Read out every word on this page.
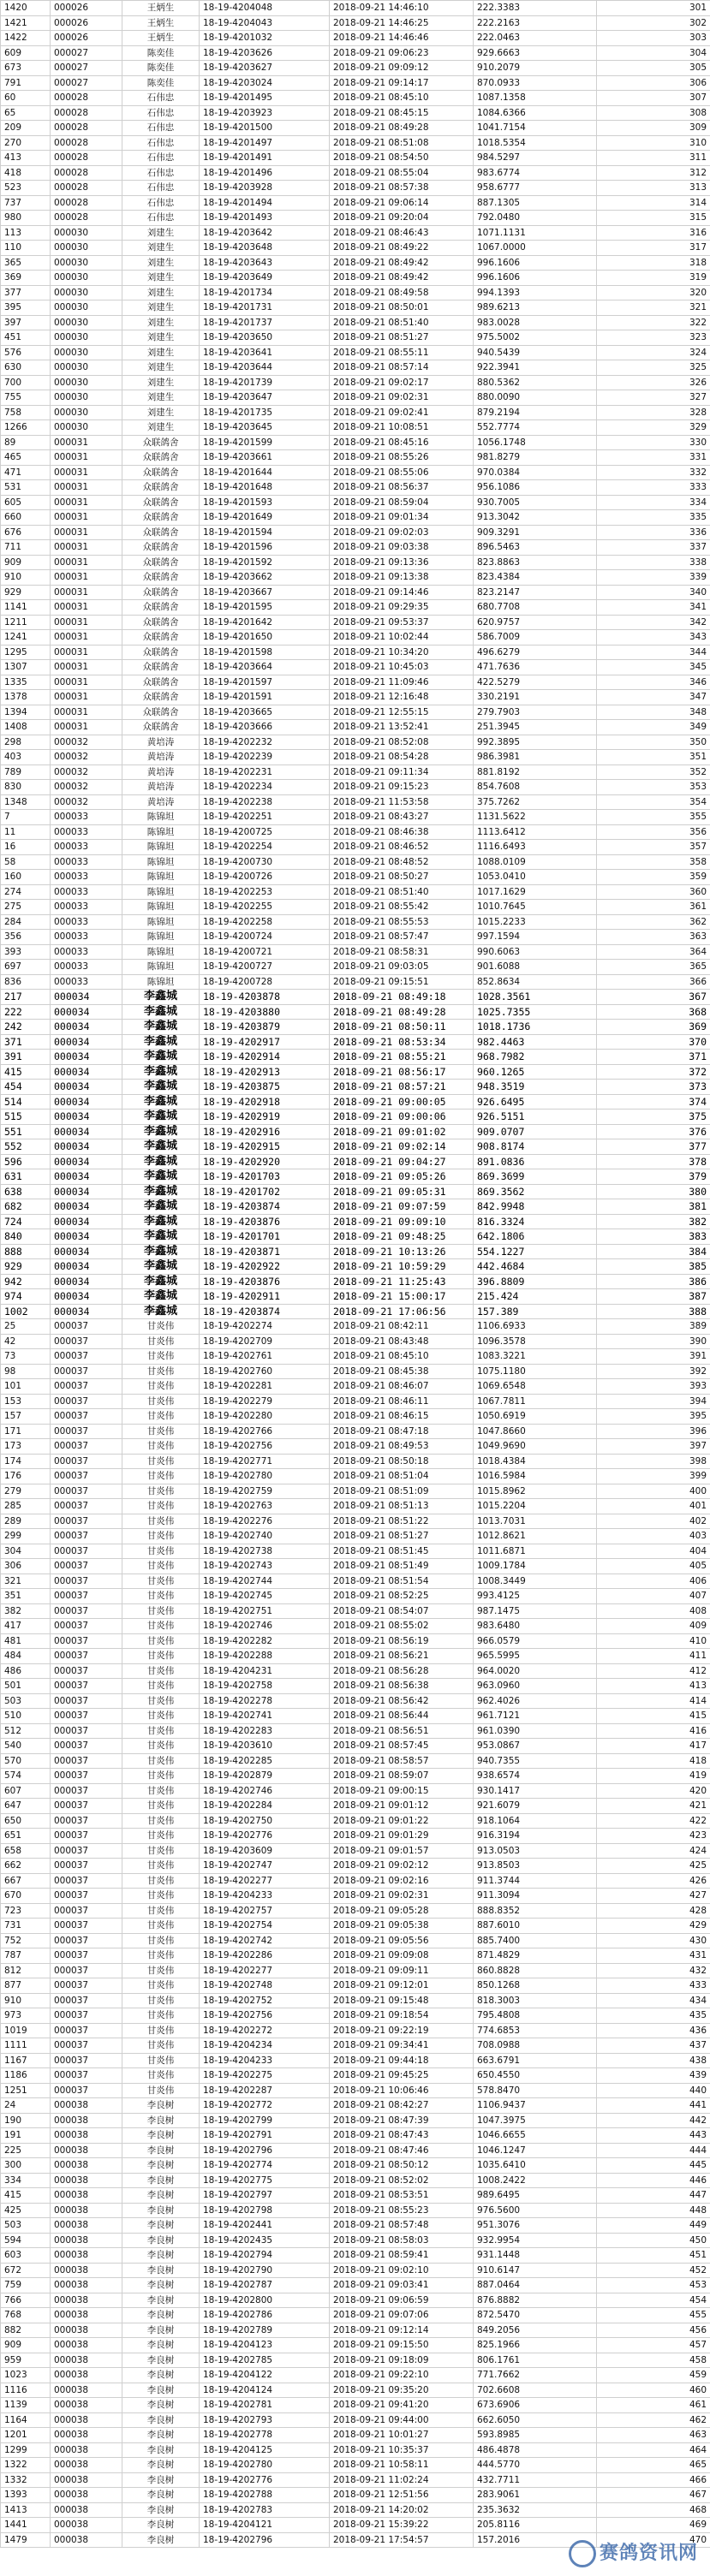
1420	000026	王炳生	18-19-4204048	2018-09-21 14:46:10	222.3383	301
1421	000026	王炳生	18-19-4204043	2018-09-21 14:46:25	222.2163	302
1422	000026	王炳生	18-19-4201032	2018-09-21 14:46:46	222.0463	303
609	000027	陈奕佳	18-19-4203626	2018-09-21 09:06:23	929.6663	304
673	000027	陈奕佳	18-19-4203627	2018-09-21 09:09:12	910.2079	305
791	000027	陈奕佳	18-19-4203024	2018-09-21 09:14:17	870.0933	306
60	000028	石伟忠	18-19-4201495	2018-09-21 08:45:10	1087.1358	307
65	000028	石伟忠	18-19-4203923	2018-09-21 08:45:15	1084.6366	308
209	000028	石伟忠	18-19-4201500	2018-09-21 08:49:28	1041.7154	309
270	000028	石伟忠	18-19-4201497	2018-09-21 08:51:08	1018.5354	310
413	000028	石伟忠	18-19-4201491	2018-09-21 08:54:50	984.5297	311
418	000028	石伟忠	18-19-4201496	2018-09-21 08:55:04	983.6774	312
523	000028	石伟忠	18-19-4203928	2018-09-21 08:57:38	958.6777	313
737	000028	石伟忠	18-19-4201494	2018-09-21 09:06:14	887.1305	314
980	000028	石伟忠	18-19-4201493	2018-09-21 09:20:04	792.0480	315
113	000030	刘建生	18-19-4203642	2018-09-21 08:46:43	1071.1131	316
110	000030	刘建生	18-19-4203648	2018-09-21 08:49:22	1067.0000	317
365	000030	刘建生	18-19-4203643	2018-09-21 08:49:42	996.1606	318
369	000030	刘建生	18-19-4203649	2018-09-21 08:49:42	996.1606	319
377	000030	刘建生	18-19-4201734	2018-09-21 08:49:58	994.1393	320
395	000030	刘建生	18-19-4201731	2018-09-21 08:50:01	989.6213	321
397	000030	刘建生	18-19-4201737	2018-09-21 08:51:40	983.0028	322
451	000030	刘建生	18-19-4203650	2018-09-21 08:51:27	975.5002	323
576	000030	刘建生	18-19-4203641	2018-09-21 08:55:11	940.5439	324
630	000030	刘建生	18-19-4203644	2018-09-21 08:57:14	922.3941	325
700	000030	刘建生	18-19-4201739	2018-09-21 09:02:17	880.5362	326
755	000030	刘建生	18-19-4203647	2018-09-21 09:02:31	880.0090	327
758	000030	刘建生	18-19-4201735	2018-09-21 09:02:41	879.2194	328
1266	000030	刘建生	18-19-4203645	2018-09-21 10:08:51	552.7774	329
89	000031	众联鸽舍	18-19-4201599	2018-09-21 08:45:16	1056.1748	330
465	000031	众联鸽舍	18-19-4203661	2018-09-21 08:55:26	981.8279	331
471	000031	众联鸽舍	18-19-4201644	2018-09-21 08:55:06	970.0384	332
531	000031	众联鸽舍	18-19-4201648	2018-09-21 08:56:37	956.1086	333
605	000031	众联鸽舍	18-19-4201593	2018-09-21 08:59:04	930.7005	334
660	000031	众联鸽舍	18-19-4201649	2018-09-21 09:01:34	913.3042	335
676	000031	众联鸽舍	18-19-4201594	2018-09-21 09:02:03	909.3291	336
711	000031	众联鸽舍	18-19-4201596	2018-09-21 09:03:38	896.5463	337
909	000031	众联鸽舍	18-19-4201592	2018-09-21 09:13:36	823.8863	338
910	000031	众联鸽舍	18-19-4203662	2018-09-21 09:13:38	823.4384	339
929	000031	众联鸽舍	18-19-4203667	2018-09-21 09:14:46	823.2147	340
1141	000031	众联鸽舍	18-19-4201595	2018-09-21 09:29:35	680.7708	341
1211	000031	众联鸽舍	18-19-4201642	2018-09-21 09:53:37	620.9757	342
1241	000031	众联鸽舍	18-19-4201650	2018-09-21 10:02:44	586.7009	343
1295	000031	众联鸽舍	18-19-4201598	2018-09-21 10:34:20	496.6279	344
1307	000031	众联鸽舍	18-19-4203664	2018-09-21 10:45:03	471.7636	345
1335	000031	众联鸽舍	18-19-4201597	2018-09-21 11:09:46	422.5279	346
1378	000031	众联鸽舍	18-19-4201591	2018-09-21 12:16:48	330.2191	347
1394	000031	众联鸽舍	18-19-4203665	2018-09-21 12:55:15	279.7903	348
1408	000031	众联鸽舍	18-19-4203666	2018-09-21 13:52:41	251.3945	349
298	000032	黄培涛	18-19-4202232	2018-09-21 08:52:08	992.3895	350
403	000032	黄培涛	18-19-4202239	2018-09-21 08:54:28	986.3981	351
789	000032	黄培涛	18-19-4202231	2018-09-21 09:11:34	881.8192	352
830	000032	黄培涛	18-19-4202234	2018-09-21 09:15:23	854.7608	353
1348	000032	黄培涛	18-19-4202238	2018-09-21 11:53:58	375.7262	354
7	000033	陈锦坦	18-19-4202251	2018-09-21 08:43:27	1131.5622	355
11	000033	陈锦坦	18-19-4200725	2018-09-21 08:46:38	1113.6412	356
16	000033	陈锦坦	18-19-4202254	2018-09-21 08:46:52	1116.6493	357
58	000033	陈锦坦	18-19-4200730	2018-09-21 08:48:52	1088.0109	358
160	000033	陈锦坦	18-19-4200726	2018-09-21 08:50:27	1053.0410	359
274	000033	陈锦坦	18-19-4202253	2018-09-21 08:51:40	1017.1629	360
275	000033	陈锦坦	18-19-4202255	2018-09-21 08:55:42	1010.7645	361
284	000033	陈锦坦	18-19-4202258	2018-09-21 08:55:53	1015.2233	362
356	000033	陈锦坦	18-19-4200724	2018-09-21 08:57:47	997.1594	363
393	000033	陈锦坦	18-19-4200721	2018-09-21 08:58:31	990.6063	364
697	000033	陈锦坦	18-19-4200727	2018-09-21 09:03:05	901.6088	365
836	000033	陈锦坦	18-19-4200728	2018-09-21 09:15:51	852.8634	366
217	000034	李鑫城	18-19-4203878	2018-09-21 08:49:18	1028.3561	367
222	000034	李鑫城	18-19-4203880	2018-09-21 08:49:28	1025.7355	368
242	000034	李鑫城	18-19-4203879	2018-09-21 08:50:11	1018.1736	369
371	000034	李鑫城	18-19-4202917	2018-09-21 08:53:34	982.4463	370
391	000034	李鑫城	18-19-4202914	2018-09-21 08:55:21	968.7982	371
415	000034	李鑫城	18-19-4202913	2018-09-21 08:56:17	960.1265	372
454	000034	李鑫城	18-19-4203875	2018-09-21 08:57:21	948.3519	373
514	000034	李鑫城	18-19-4202918	2018-09-21 09:00:05	926.6495	374
515	000034	李鑫城	18-19-4202919	2018-09-21 09:00:06	926.5151	375
551	000034	李鑫城	18-19-4202916	2018-09-21 09:01:02	909.0707	376
552	000034	李鑫城	18-19-4202915	2018-09-21 09:02:14	908.8174	377
596	000034	李鑫城	18-19-4202920	2018-09-21 09:04:27	891.0836	378
631	000034	李鑫城	18-19-4201703	2018-09-21 09:05:26	869.3699	379
638	000034	李鑫城	18-19-4201702	2018-09-21 09:05:31	869.3562	380
682	000034	李鑫城	18-19-4203874	2018-09-21 09:07:59	842.9948	381
724	000034	李鑫城	18-19-4203876	2018-09-21 09:09:10	816.3324	382
840	000034	李鑫城	18-19-4201701	2018-09-21 09:48:25	642.1806	383
888	000034	李鑫城	18-19-4203871	2018-09-21 10:13:26	554.1227	384
929	000034	李鑫城	18-19-4202922	2018-09-21 10:59:29	442.4684	385
942	000034	李鑫城	18-19-4203876	2018-09-21 11:25:43	396.8809	386
974	000034	李鑫城	18-19-4202911	2018-09-21 15:00:17	215.424	387
1002	000034	李鑫城	18-19-4203874	2018-09-21 17:06:56	157.389	388
25	000037	甘炎伟	18-19-4202274	2018-09-21 08:42:11	1106.6933	389
42	000037	甘炎伟	18-19-4202709	2018-09-21 08:43:48	1096.3578	390
73	000037	甘炎伟	18-19-4202761	2018-09-21 08:45:10	1083.3221	391
98	000037	甘炎伟	18-19-4202760	2018-09-21 08:45:38	1075.1180	392
101	000037	甘炎伟	18-19-4202281	2018-09-21 08:46:07	1069.6548	393
153	000037	甘炎伟	18-19-4202279	2018-09-21 08:46:11	1067.7811	394
157	000037	甘炎伟	18-19-4202280	2018-09-21 08:46:15	1050.6919	395
171	000037	甘炎伟	18-19-4202766	2018-09-21 08:47:18	1047.8660	396
173	000037	甘炎伟	18-19-4202756	2018-09-21 08:49:53	1049.9690	397
174	000037	甘炎伟	18-19-4202771	2018-09-21 08:50:18	1018.4384	398
176	000037	甘炎伟	18-19-4202780	2018-09-21 08:51:04	1016.5984	399
279	000037	甘炎伟	18-19-4202759	2018-09-21 08:51:09	1015.8962	400
285	000037	甘炎伟	18-19-4202763	2018-09-21 08:51:13	1015.2204	401
289	000037	甘炎伟	18-19-4202276	2018-09-21 08:51:22	1013.7031	402
299	000037	甘炎伟	18-19-4202740	2018-09-21 08:51:27	1012.8621	403
304	000037	甘炎伟	18-19-4202738	2018-09-21 08:51:45	1011.6871	404
306	000037	甘炎伟	18-19-4202743	2018-09-21 08:51:49	1009.1784	405
321	000037	甘炎伟	18-19-4202744	2018-09-21 08:51:54	1008.3449	406
351	000037	甘炎伟	18-19-4202745	2018-09-21 08:52:25	993.4125	407
382	000037	甘炎伟	18-19-4202751	2018-09-21 08:54:07	987.1475	408
417	000037	甘炎伟	18-19-4202746	2018-09-21 08:55:02	983.6480	409
481	000037	甘炎伟	18-19-4202282	2018-09-21 08:56:19	966.0579	410
484	000037	甘炎伟	18-19-4202288	2018-09-21 08:56:21	965.5995	411
486	000037	甘炎伟	18-19-4204231	2018-09-21 08:56:28	964.0020	412
501	000037	甘炎伟	18-19-4202758	2018-09-21 08:56:38	963.0960	413
503	000037	甘炎伟	18-19-4202278	2018-09-21 08:56:42	962.4026	414
510	000037	甘炎伟	18-19-4202741	2018-09-21 08:56:44	961.7121	415
512	000037	甘炎伟	18-19-4202283	2018-09-21 08:56:51	961.0390	416
540	000037	甘炎伟	18-19-4203610	2018-09-21 08:57:45	953.0867	417
570	000037	甘炎伟	18-19-4202285	2018-09-21 08:58:57	940.7355	418
574	000037	甘炎伟	18-19-4202879	2018-09-21 08:59:07	938.6574	419
607	000037	甘炎伟	18-19-4202746	2018-09-21 09:00:15	930.1417	420
647	000037	甘炎伟	18-19-4202284	2018-09-21 09:01:12	921.6079	421
650	000037	甘炎伟	18-19-4202750	2018-09-21 09:01:22	918.1064	422
651	000037	甘炎伟	18-19-4202776	2018-09-21 09:01:29	916.3194	423
658	000037	甘炎伟	18-19-4203609	2018-09-21 09:01:57	913.0503	424
662	000037	甘炎伟	18-19-4202747	2018-09-21 09:02:12	913.8503	425
667	000037	甘炎伟	18-19-4202277	2018-09-21 09:02:16	911.3744	426
670	000037	甘炎伟	18-19-4204233	2018-09-21 09:02:31	911.3094	427
723	000037	甘炎伟	18-19-4202757	2018-09-21 09:05:28	888.8352	428
731	000037	甘炎伟	18-19-4202754	2018-09-21 09:05:38	887.6010	429
752	000037	甘炎伟	18-19-4202742	2018-09-21 09:05:56	885.7400	430
787	000037	甘炎伟	18-19-4202286	2018-09-21 09:09:08	871.4829	431
812	000037	甘炎伟	18-19-4202277	2018-09-21 09:09:11	860.8828	432
877	000037	甘炎伟	18-19-4202748	2018-09-21 09:12:01	850.1268	433
910	000037	甘炎伟	18-19-4202752	2018-09-21 09:15:48	818.3003	434
973	000037	甘炎伟	18-19-4202756	2018-09-21 09:18:54	795.4808	435
1019	000037	甘炎伟	18-19-4202272	2018-09-21 09:22:19	774.6853	436
1111	000037	甘炎伟	18-19-4204234	2018-09-21 09:34:41	708.0988	437
1167	000037	甘炎伟	18-19-4204233	2018-09-21 09:44:18	663.6791	438
1186	000037	甘炎伟	18-19-4202275	2018-09-21 09:45:25	650.4550	439
1251	000037	甘炎伟	18-19-4202287	2018-09-21 10:06:46	578.8470	440
24	000038	李良树	18-19-4202772	2018-09-21 08:42:27	1106.9437	441
190	000038	李良树	18-19-4202799	2018-09-21 08:47:39	1047.3975	442
191	000038	李良树	18-19-4202791	2018-09-21 08:47:43	1046.6655	443
225	000038	李良树	18-19-4202796	2018-09-21 08:47:46	1046.1247	444
300	000038	李良树	18-19-4202774	2018-09-21 08:50:12	1035.6410	445
334	000038	李良树	18-19-4202775	2018-09-21 08:52:02	1008.2422	446
415	000038	李良树	18-19-4202797	2018-09-21 08:53:51	989.6495	447
425	000038	李良树	18-19-4202798	2018-09-21 08:55:23	976.5600	448
503	000038	李良树	18-19-4202441	2018-09-21 08:57:48	951.3076	449
594	000038	李良树	18-19-4202435	2018-09-21 08:58:03	932.9954	450
603	000038	李良树	18-19-4202794	2018-09-21 08:59:41	931.1448	451
672	000038	李良树	18-19-4202790	2018-09-21 09:02:10	910.6147	452
759	000038	李良树	18-19-4202787	2018-09-21 09:03:41	887.0464	453
766	000038	李良树	18-19-4202800	2018-09-21 09:06:59	876.8882	454
768	000038	李良树	18-19-4202786	2018-09-21 09:07:06	872.5470	455
882	000038	李良树	18-19-4202789	2018-09-21 09:12:14	849.2056	456
909	000038	李良树	18-19-4204123	2018-09-21 09:15:50	825.1966	457
959	000038	李良树	18-19-4202785	2018-09-21 09:18:09	806.1761	458
1023	000038	李良树	18-19-4204122	2018-09-21 09:22:10	771.7662	459
1116	000038	李良树	18-19-4204124	2018-09-21 09:35:20	702.6608	460
1139	000038	李良树	18-19-4202781	2018-09-21 09:41:20	673.6906	461
1164	000038	李良树	18-19-4202793	2018-09-21 09:44:00	662.6050	462
1201	000038	李良树	18-19-4202778	2018-09-21 10:01:27	593.8985	463
1299	000038	李良树	18-19-4204125	2018-09-21 10:35:37	486.4878	464
1322	000038	李良树	18-19-4202780	2018-09-21 10:58:11	444.5770	465
1332	000038	李良树	18-19-4202776	2018-09-21 11:02:24	432.7711	466
1393	000038	李良树	18-19-4202788	2018-09-21 12:51:56	283.9061	467
1413	000038	李良树	18-19-4202783	2018-09-21 14:20:02	235.3632	468
1441	000038	李良树	18-19-4204121	2018-09-21 15:39:22	205.8116	469
1479	000038	李良树	18-19-4202796	2018-09-21 17:54:57	157.2016	470
赛鸽资讯网
